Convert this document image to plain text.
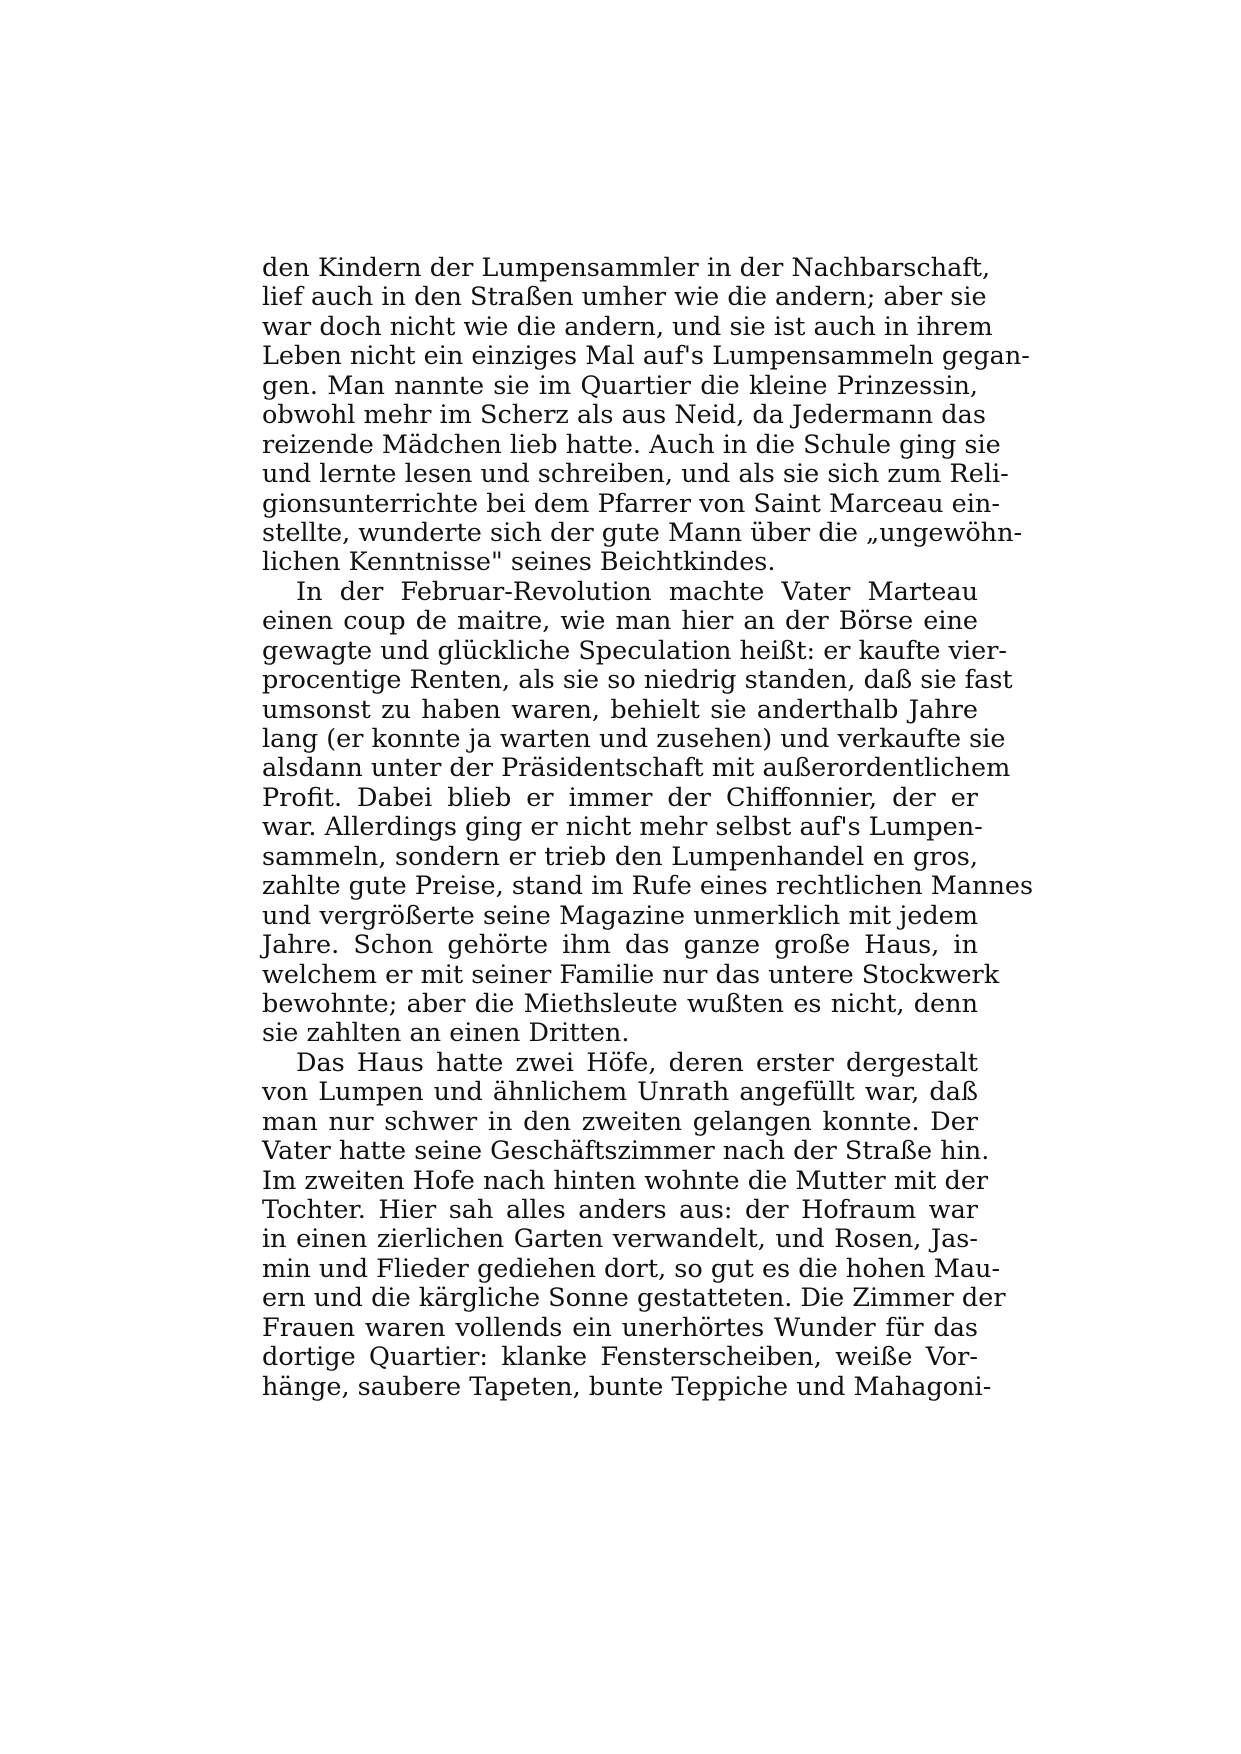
den Kindern der Lumpensammler in der Nachbarschaft,
lief auch in den Straßen umher wie die andern; aber sie
war doch nicht wie die andern, und sie ist auch in ihrem
Leben nicht ein einziges Mal auf's Lumpensammeln gegan-
gen. Man nannte sie im Quartier die kleine Prinzessin,
obwohl mehr im Scherz als aus Neid, da Jedermann das
reizende Mädchen lieb hatte. Auch in die Schule ging sie
und lernte lesen und schreiben, und als sie sich zum Reli-
gionsunterrichte bei dem Pfarrer von Saint Marceau ein-
stellte, wunderte sich der gute Mann über die „ungewöhn-
lichen Kenntnisse" seines Beichtkindes.
In der Februar-Revolution machte Vater Marteau
einen coup de maitre, wie man hier an der Börse eine
gewagte und glückliche Speculation heißt: er kaufte vier-
procentige Renten, als sie so niedrig standen, daß sie fast
umsonst zu haben waren, behielt sie anderthalb Jahre
lang (er konnte ja warten und zusehen) und verkaufte sie
alsdann unter der Präsidentschaft mit außerordentlichem
Profit. Dabei blieb er immer der Chiffonnier, der er
war. Allerdings ging er nicht mehr selbst auf's Lumpen-
sammeln, sondern er trieb den Lumpenhandel en gros,
zahlte gute Preise, stand im Rufe eines rechtlichen Mannes
und vergrößerte seine Magazine unmerklich mit jedem
Jahre. Schon gehörte ihm das ganze große Haus, in
welchem er mit seiner Familie nur das untere Stockwerk
bewohnte; aber die Miethsleute wußten es nicht, denn
sie zahlten an einen Dritten.
Das Haus hatte zwei Höfe, deren erster dergestalt
von Lumpen und ähnlichem Unrath angefüllt war, daß
man nur schwer in den zweiten gelangen konnte. Der
Vater hatte seine Geschäftszimmer nach der Straße hin.
Im zweiten Hofe nach hinten wohnte die Mutter mit der
Tochter. Hier sah alles anders aus: der Hofraum war
in einen zierlichen Garten verwandelt, und Rosen, Jas-
min und Flieder gediehen dort, so gut es die hohen Mau-
ern und die kärgliche Sonne gestatteten. Die Zimmer der
Frauen waren vollends ein unerhörtes Wunder für das
dortige Quartier: klanke Fensterscheiben, weiße Vor-
hänge, saubere Tapeten, bunte Teppiche und Mahagoni-
